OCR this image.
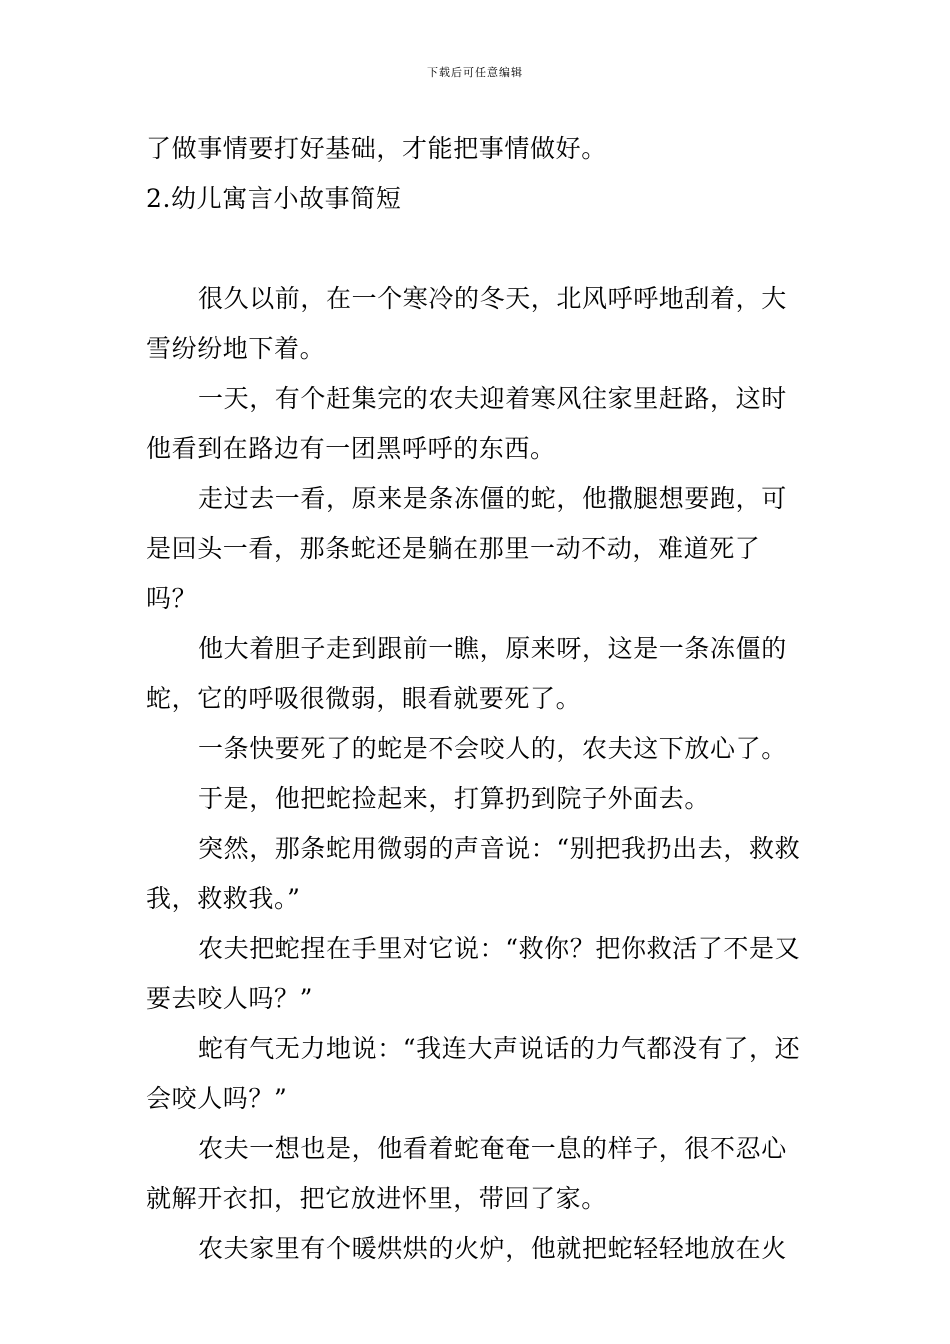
下载后可任意编辑

了做事情要打好基础，才能把事情做好。

2.幼儿寓言小故事简短

很久以前，在一个寒冷的冬天，北风呼呼地刮着，大雪纷纷地下着。

一天，有个赶集完的农夫迎着寒风往家里赶路，这时他看到在路边有一团黑呼呼的东西。

走过去一看，原来是条冻僵的蛇，他撒腿想要跑，可是回头一看，那条蛇还是躺在那里一动不动，难道死了吗？

他大着胆子走到跟前一瞧，原来呀，这是一条冻僵的蛇，它的呼吸很微弱，眼看就要死了。

一条快要死了的蛇是不会咬人的，农夫这下放心了。

于是，他把蛇捡起来，打算扔到院子外面去。

突然，那条蛇用微弱的声音说：“别把我扔出去，救救我，救救我。”

农夫把蛇捏在手里对它说：“救你？把你救活了不是又要去咬人吗？”

蛇有气无力地说：“我连大声说话的力气都没有了，还会咬人吗？”

农夫一想也是，他看着蛇奄奄一息的样子，很不忍心就解开衣扣，把它放进怀里，带回了家。

农夫家里有个暖烘烘的火炉，他就把蛇轻轻地放在火
